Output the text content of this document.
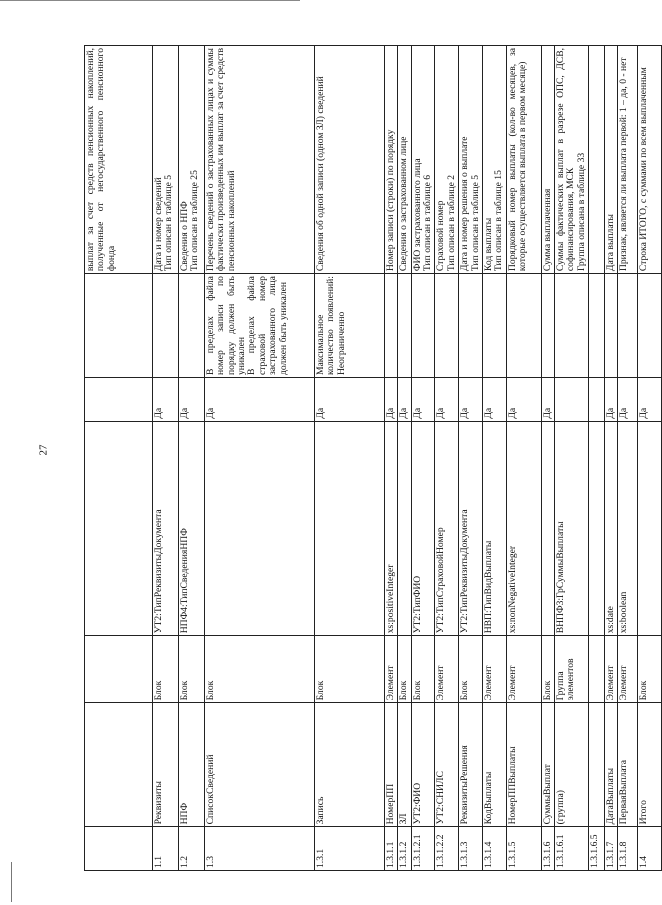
27
						выплат за счет средств пенсионных накоплений, полученные от негосударственного пенсионного фонда
1.1	Реквизиты	Блок	УТ2:ТипРеквизитыДокумента	Да		Дата и номер сведений
Тип описан в таблице 5
1.2	НПФ	Блок	НПФ4:ТипСведенияНПФ	Да		Сведения о НПФ
Тип описан в таблице 25
1.3	СписокСведений	Блок		Да	В пределах файла номер записи по порядку должен быть уникален
В пределах файла страховой номер застрахованного лица должен быть уникален	Перечень сведений о застрахованных лицах и суммы фактически произведенных им выплат за счет средств пенсионных накоплений
1.3.1	Запись	Блок		Да	Максимальное количество появлений: Неограниченно	Сведения об одной записи (одном ЗЛ) сведений
1.3.1.1	НомерПП	Элемент	xs:positiveInteger	Да		Номер записи (строки) по порядку
1.3.1.2	ЗЛ	Блок		Да		Сведения о застрахованном лице
1.3.1.2.1	УТ2:ФИО	Блок	УТ2:ТипФИО	Да		ФИО застрахованного лица
Тип описан в таблице 6
1.3.1.2.2	УТ2:СНИЛС	Элемент	УТ2:ТипСтраховойНомер	Да		Страховой номер
Тип описан в таблице 2
1.3.1.3	РеквизитыРешения	Блок	УТ2:ТипРеквизитыДокумента	Да		Дата и номер решения о выплате
Тип описан в таблице 5
1.3.1.4	КодВыплаты	Элемент	НВП:ТипВидВыплаты	Да		Код выплаты
Тип описан в таблице 15
1.3.1.5	НомерППВыплаты	Элемент	xs:nonNegativeInteger	Да		Порядковый номер выплаты (кол-во месяцев, за которые осуществляется выплата в первом месяце)
1.3.1.6	СуммыВыплат	Блок		Да		Сумма выплаченная
1.3.1.6.1	(группа)	Группа элементов	ВНПФ3:ГрСуммыВыплаты			Суммы фактических выплат в разрезе ОПС, ДСВ, софинансирования, МСК
Группа описана в таблице 33
1.3.1.6.5						
1.3.1.7	ДатаВыплаты	Элемент	xs:date	Да		Дата выплаты
1.3.1.8	ПерваяВыплата	Элемент	xs:boolean	Да		Признак, является ли выплата первой: 1 – да, 0 - нет
1.4	Итого	Блок		Да		Строка ИТОГО, с суммами по всем выплаченным
